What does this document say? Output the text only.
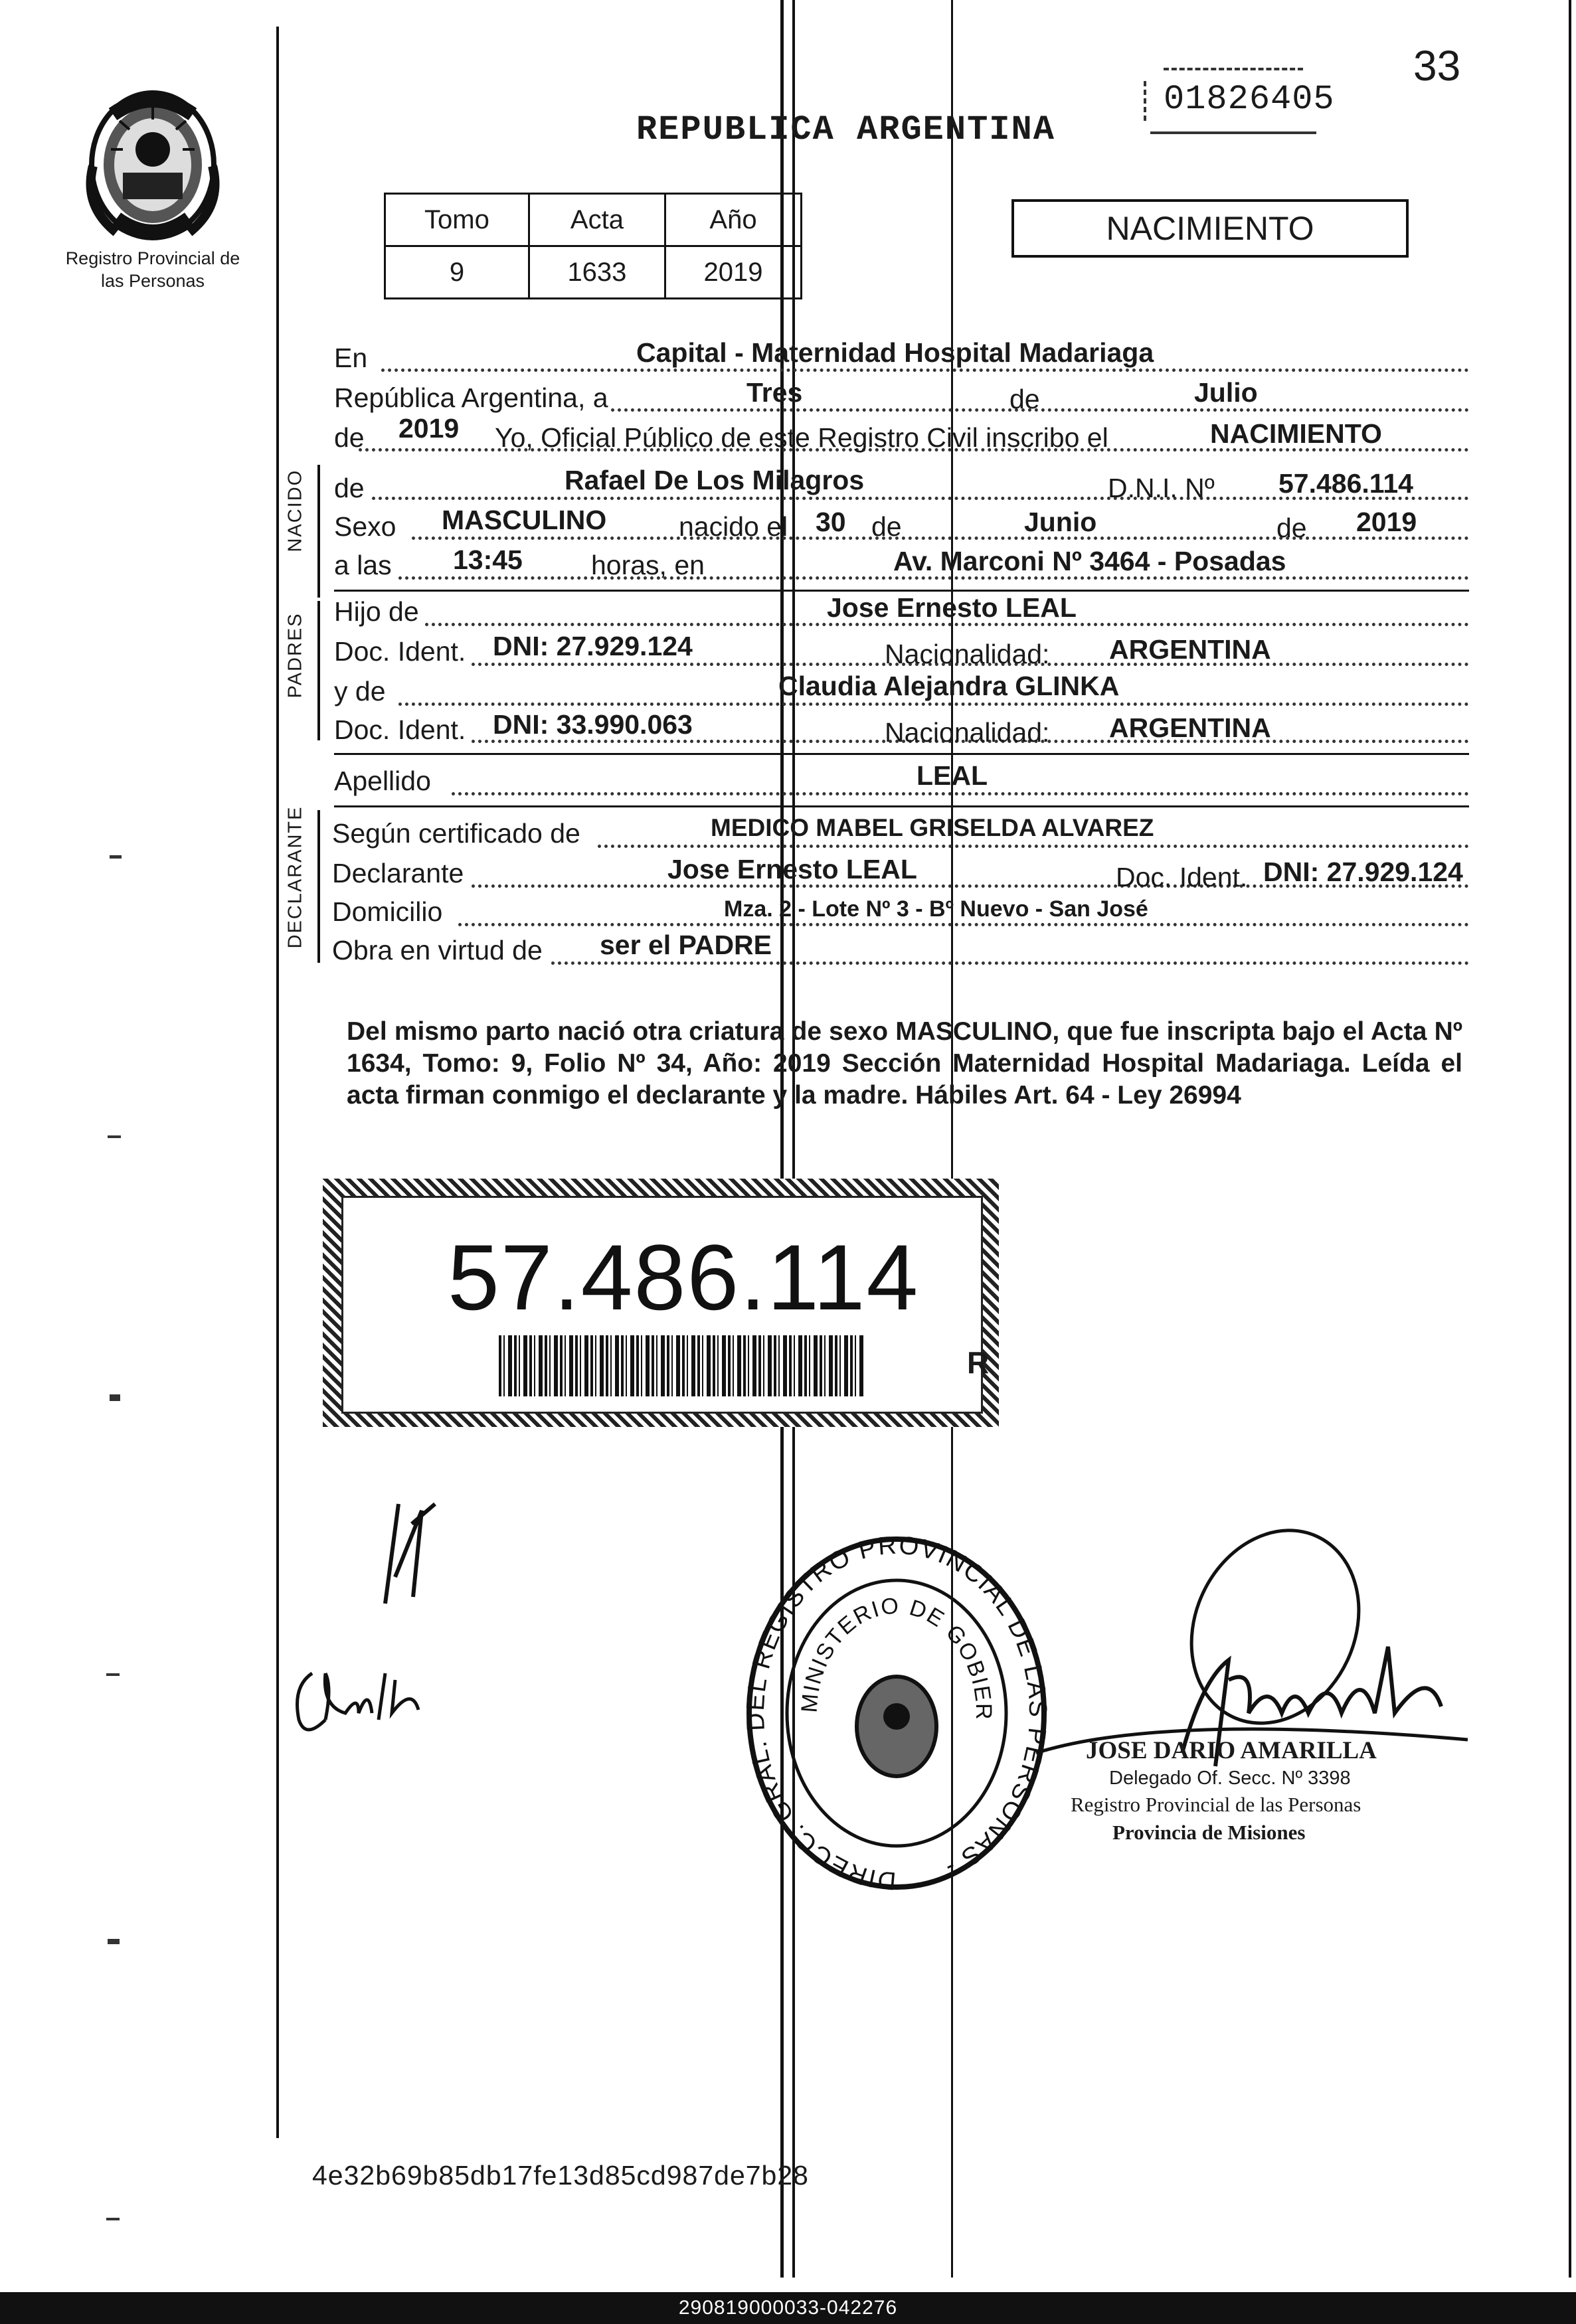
Registro Provincial de las Personas
33
01826405
REPUBLICA ARGENTINA
Tomo	Acta	Año
9	1633	2019
NACIMIENTO
En	Capital - Maternidad Hospital Madariaga
República Argentina, a	Tres	de	Julio
de 2019 Yo, Oficial Público de este Registro Civil inscribo el	NACIMIENTO
NACIDO de	Rafael De Los Milagros	D.N.I. Nº 57.486.114
Sexo MASCULINO	nacido el 30 de	Junio	de 2019
a las 13:45	horas, en	Av. Marconi Nº 3464 - Posadas
PADRES
Hijo de	Jose Ernesto LEAL
Doc. Ident. DNI: 27.929.124	Nacionalidad: ARGENTINA
y de	Claudia Alejandra GLINKA
Doc. Ident. DNI: 33.990.063	Nacionalidad: ARGENTINA
Apellido	LEAL
DECLARANTE Según certificado de	MEDICO MABEL GRISELDA ALVAREZ
Declarante	Jose Ernesto LEAL	Doc. Ident. DNI: 27.929.124
Domicilio	Mza. 2 - Lote Nº 3 - Bº Nuevo - San José
Obra en virtud de ser el PADRE
Del mismo parto nació otra criatura de sexo MASCULINO, que fue inscripta bajo el Acta Nº 1634, Tomo: 9, Folio Nº 34, Año: 2019 Sección Maternidad Hospital Madariaga. Leída el acta firman conmigo el declarante y la madre. Hábiles Art. 64 - Ley 26994
57.486.114
R
DIRECC. GRAL. DEL REGISTRO PROVINCIAL DE LAS PERSONAS -
MINISTERIO DE GOBIER
JOSE DARIO AMARILLA
Delegado Of. Secc. Nº 3398
Registro Provincial de las Personas
Provincia de Misiones
4e32b69b85db17fe13d85cd987de7b28
290819000033-042276
